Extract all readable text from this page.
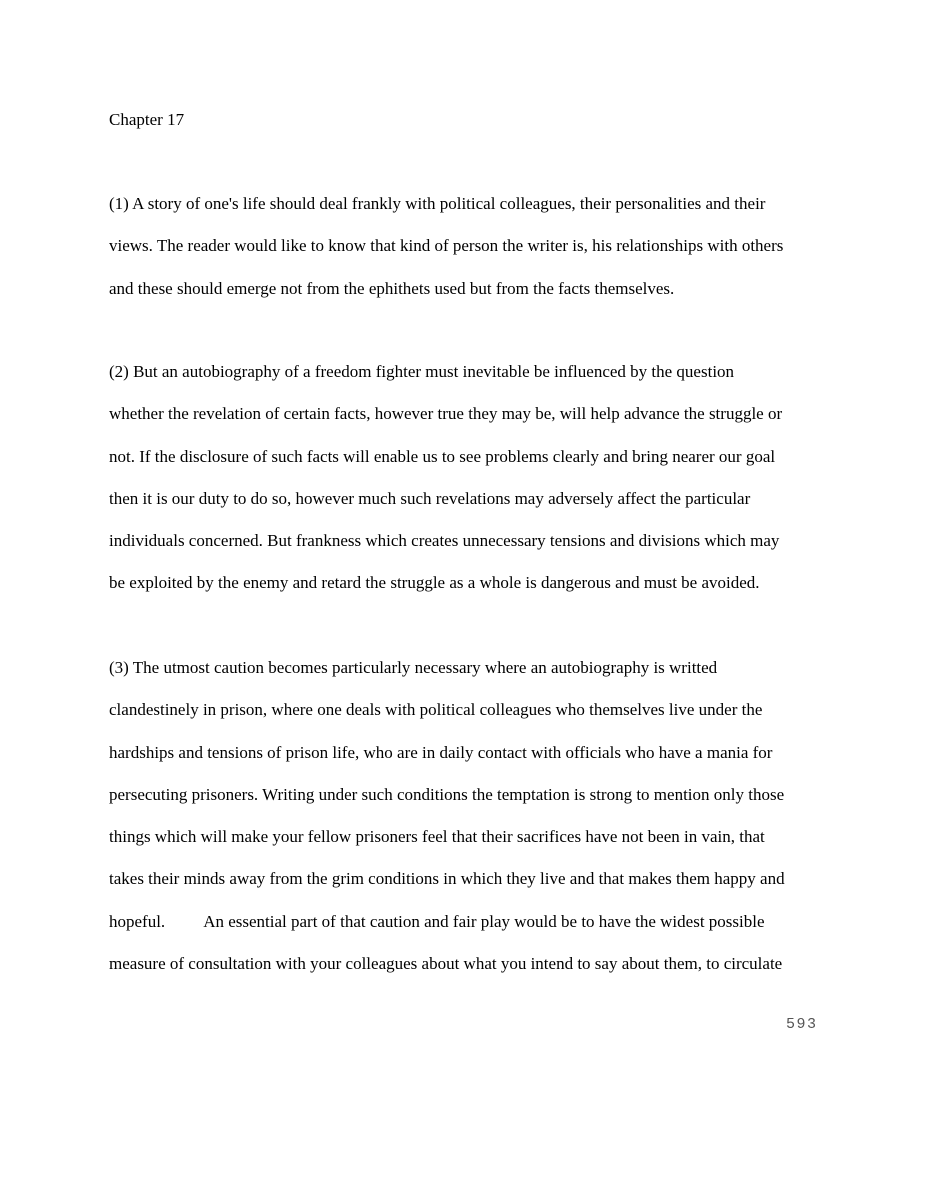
Chapter 17
(1) A story of one's life should deal frankly with political colleagues, their personalities and their
views. The reader would like to know that kind of person the writer is, his relationships with others
and these should emerge not from the ephithets used but from the facts themselves.
(2) But an autobiography of a freedom fighter must inevitable be influenced by the question
whether the revelation of certain facts, however true they may be, will help advance the struggle or
not. If the disclosure of such facts will enable us to see problems clearly and bring nearer our goal
then it is our duty to do so, however much such revelations may adversely affect the particular
individuals concerned. But frankness which creates unnecessary tensions and divisions which may
be exploited by the enemy and retard the struggle as a whole is dangerous and must be avoided.
(3) The utmost caution becomes particularly necessary where an autobiography is writted
clandestinely in prison, where one deals with political colleagues who themselves live under the
hardships and tensions of prison life, who are in daily contact with officials who have a mania for
persecuting prisoners. Writing under such conditions the temptation is strong to mention only those
things which will make your fellow prisoners feel that their sacrifices have not been in vain, that
takes their minds away from the grim conditions in which they live and that makes them happy and
hopeful. An essential part of that caution and fair play would be to have the widest possible
measure of consultation with your colleagues about what you intend to say about them, to circulate
593
